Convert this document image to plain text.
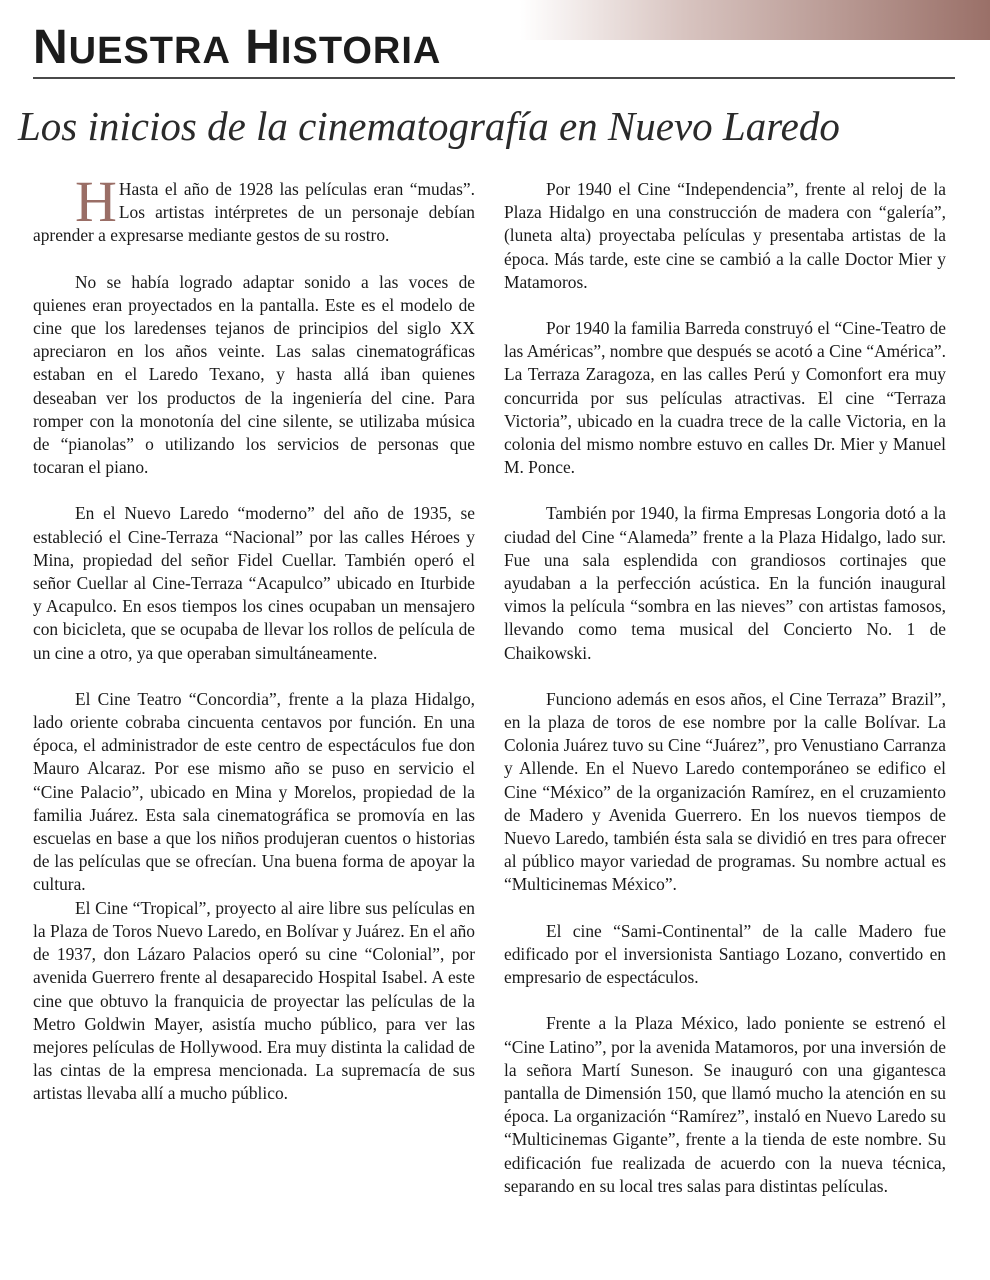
NUESTRA HISTORIA
Los inicios de la cinematografía en Nuevo Laredo

H Hasta el año de 1928 las películas eran “mudas”. Los artistas intérpretes de un personaje debían aprender a expresarse mediante gestos de su rostro.

No se había logrado adaptar sonido a las voces de quienes eran proyectados en la pantalla. Este es el modelo de cine que los laredenses tejanos de principios del siglo XX apreciaron en los años veinte. Las salas cinematográficas estaban en el Laredo Texano, y hasta allá iban quienes deseaban ver los productos de la ingeniería del cine. Para romper con la monotonía del cine silente, se utilizaba música de “pianolas” o utilizando los servicios de personas que tocaran el piano.

En el Nuevo Laredo “moderno” del año de 1935, se estableció el Cine-Terraza “Nacional” por las calles Héroes y Mina, propiedad del señor Fidel Cuellar. También operó el señor Cuellar al Cine-Terraza “Acapulco” ubicado en Iturbide y Acapulco. En esos tiempos los cines ocupaban un mensajero con bicicleta, que se ocupaba de llevar los rollos de película de un cine a otro, ya que operaban simultáneamente.

El Cine Teatro “Concordia”, frente a la plaza Hidalgo, lado oriente cobraba cincuenta centavos por función. En una época, el administrador de este centro de espectáculos fue don Mauro Alcaraz. Por ese mismo año se puso en servicio el “Cine Palacio”, ubicado en Mina y Morelos, propiedad de la familia Juárez. Esta sala cinematográfica se promovía en las escuelas en base a que los niños produjeran cuentos o historias de las películas que se ofrecían. Una buena forma de apoyar la cultura.

El Cine “Tropical”, proyecto al aire libre sus películas en la Plaza de Toros Nuevo Laredo, en Bolívar y Juárez. En el año de 1937, don Lázaro Palacios operó su cine “Colonial”, por avenida Guerrero frente al desaparecido Hospital Isabel. A este cine que obtuvo la franquicia de proyectar las películas de la Metro Goldwin Mayer, asistía mucho público, para ver las mejores películas de Hollywood. Era muy distinta la calidad de las cintas de la empresa mencionada. La supremacía de sus artistas llevaba allí a mucho público.

Por 1940 el Cine “Independencia”, frente al reloj de la Plaza Hidalgo en una construcción de madera con “galería”, (luneta alta) proyectaba películas y presentaba artistas de la época. Más tarde, este cine se cambió a la calle Doctor Mier y Matamoros.

Por 1940 la familia Barreda construyó el “Cine-Teatro de las Américas”, nombre que después se acotó a Cine “América”. La Terraza Zaragoza, en las calles Perú y Comonfort era muy concurrida por sus películas atractivas. El cine “Terraza Victoria”, ubicado en la cuadra trece de la calle Victoria, en la colonia del mismo nombre estuvo en calles Dr. Mier y Manuel M. Ponce.

También por 1940, la firma Empresas Longoria dotó a la ciudad del Cine “Alameda” frente a la Plaza Hidalgo, lado sur. Fue una sala esplendida con grandiosos cortinajes que ayudaban a la perfección acústica. En la función inaugural vimos la película “sombra en las nieves” con artistas famosos, llevando como tema musical del Concierto No. 1 de Chaikowski.

Funciono además en esos años, el Cine Terraza” Brazil”, en la plaza de toros de ese nombre por la calle Bolívar. La Colonia Juárez tuvo su Cine “Juárez”, pro Venustiano Carranza y Allende. En el Nuevo Laredo contemporáneo se edifico el Cine “México” de la organización Ramírez, en el cruzamiento de Madero y Avenida Guerrero. En los nuevos tiempos de Nuevo Laredo, también ésta sala se dividió en tres para ofrecer al público mayor variedad de programas. Su nombre actual es “Multicinemas México”.

El cine “Sami-Continental” de la calle Madero fue edificado por el inversionista Santiago Lozano, convertido en empresario de espectáculos.

Frente a la Plaza México, lado poniente se estrenó el “Cine Latino”, por la avenida Matamoros, por una inversión de la señora Martí Suneson. Se inauguró con una gigantesca pantalla de Dimensión 150, que llamó mucho la atención en su época. La organización “Ramírez”, instaló en Nuevo Laredo su “Multicinemas Gigante”, frente a la tienda de este nombre. Su edificación fue realizada de acuerdo con la nueva técnica, separando en su local tres salas para distintas películas.
